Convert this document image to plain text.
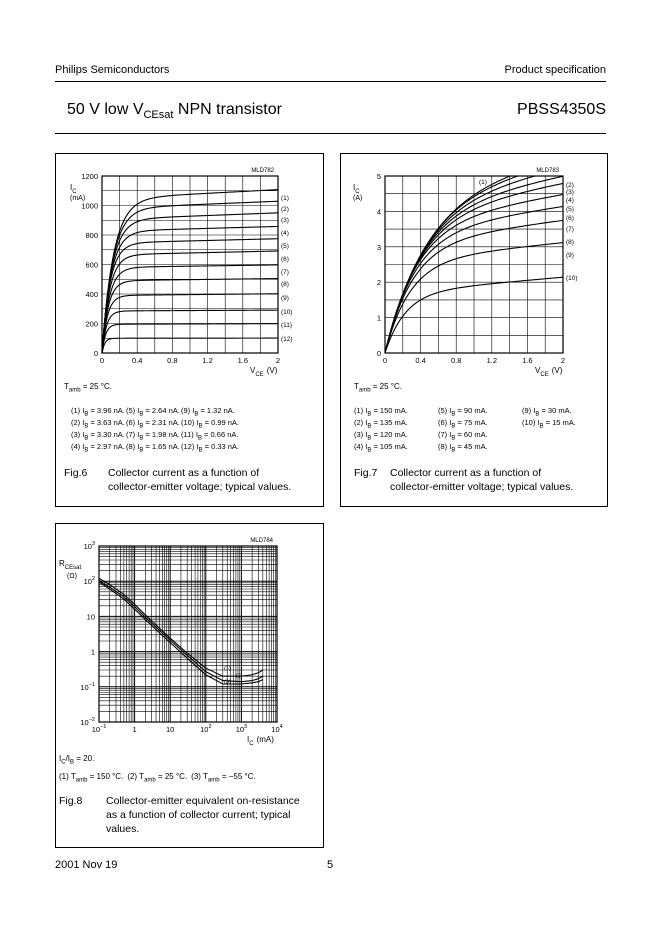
Philips Semiconductors	Product specification
50 V low $V_{CEsat}$ NPN transistor	PBSS4350S
0	0.4	0.8	1.2	1.6	2
0
200
400
600
800
1000
1200
$I_C$
(mA)
$V_{CE}$ (V)
MLD782
(1)
(2)
(3)
(4)
(5)
(6)
(7)
(8)
(9)
(10)
(11)
(12)
$T_{amb} = 25$ °C.
(1) $I_B = 3.96$ nA.
(2) $I_B = 3.63$ nA.
(3) $I_B = 3.30$ nA.
(4) $I_B = 2.97$ nA.
(5) $I_B = 2.64$ nA.
(6) $I_B = 2.31$ nA.
(7) $I_B = 1.98$ nA.
(8) $I_B = 1.65$ nA.
(9) $I_B = 1.32$ nA.
(10) $I_B = 0.99$ nA.
(11) $I_B = 0.66$ nA.
(12) $I_B = 0.33$ nA.
Fig.6 Collector current as a function of
collector-emitter voltage; typical values.
0	0.4	0.8	1.2	1.6	2
0
1
2
3
4
5
$I_C$
(A)
$V_{CE}$ (V)
MLD783
(1)	(2)
(3)
(4)
(5)
(6)
(7)
(8)
(9)
(10)
$T_{amb} = 25$ °C.
(1) $I_B = 150$ mA.
(2) $I_B = 135$ mA.
(3) $I_B = 120$ mA.
(4) $I_B = 105$ mA.
(5) $I_B = 90$ mA.
(6) $I_B = 75$ mA.
(7) $I_B = 60$ mA.
(8) $I_B = 45$ mA.
(9) $I_B = 30$ mA.
(10) $I_B = 15$ mA.
Fig.7 Collector current as a function of
collector-emitter voltage; typical values.
$10^{-1}$	1	10	$10^2$	$10^3$	$10^4$
$10^{-2}$
$10^{-1}$
1
10
$10^2$
$10^3$
$R_{CEsat}$
(Ω)
$I_C$ (mA)
MLD784
(1)
(2)
(3)
$I_C/I_B = 20$.
(1) $T_{amb} = 150$ °C. (2) $T_{amb} = 25$ °C. (3) $T_{amb} = -55$ °C.
Fig.8 Collector-emitter equivalent on-resistance
as a function of collector current; typical
values.
2001 Nov 19	5
